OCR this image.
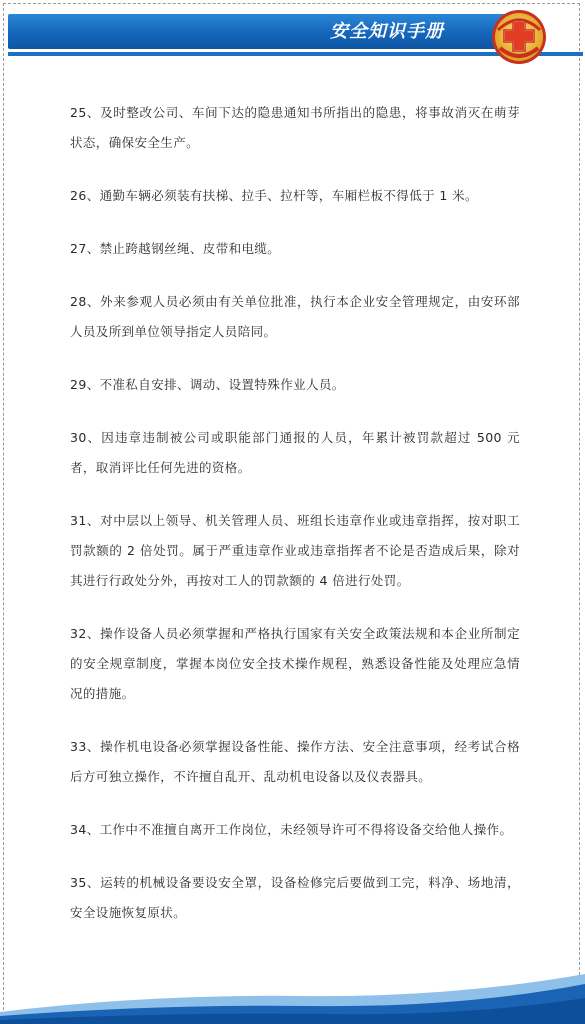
安全知识手册

25、及时整改公司、车间下达的隐患通知书所指出的隐患，将事故消灭在萌芽状态，确保安全生产。

26、通勤车辆必须装有扶梯、拉手、拉杆等，车厢栏板不得低于 1 米。

27、禁止跨越钢丝绳、皮带和电缆。

28、外来参观人员必须由有关单位批准，执行本企业安全管理规定，由安环部人员及所到单位领导指定人员陪同。

29、不准私自安排、调动、设置特殊作业人员。

30、因违章违制被公司或职能部门通报的人员，年累计被罚款超过 500 元者，取消评比任何先进的资格。

31、对中层以上领导、机关管理人员、班组长违章作业或违章指挥，按对职工罚款额的 2 倍处罚。属于严重违章作业或违章指挥者不论是否造成后果，除对其进行行政处分外，再按对工人的罚款额的 4 倍进行处罚。

32、操作设备人员必须掌握和严格执行国家有关安全政策法规和本企业所制定的安全规章制度，掌握本岗位安全技术操作规程，熟悉设备性能及处理应急情况的措施。

33、操作机电设备必须掌握设备性能、操作方法、安全注意事项，经考试合格后方可独立操作，不许擅自乱开、乱动机电设备以及仪表器具。

34、工作中不准擅自离开工作岗位，未经领导许可不得将设备交给他人操作。

35、运转的机械设备要设安全罩，设备检修完后要做到工完，料净、场地清，安全设施恢复原状。
